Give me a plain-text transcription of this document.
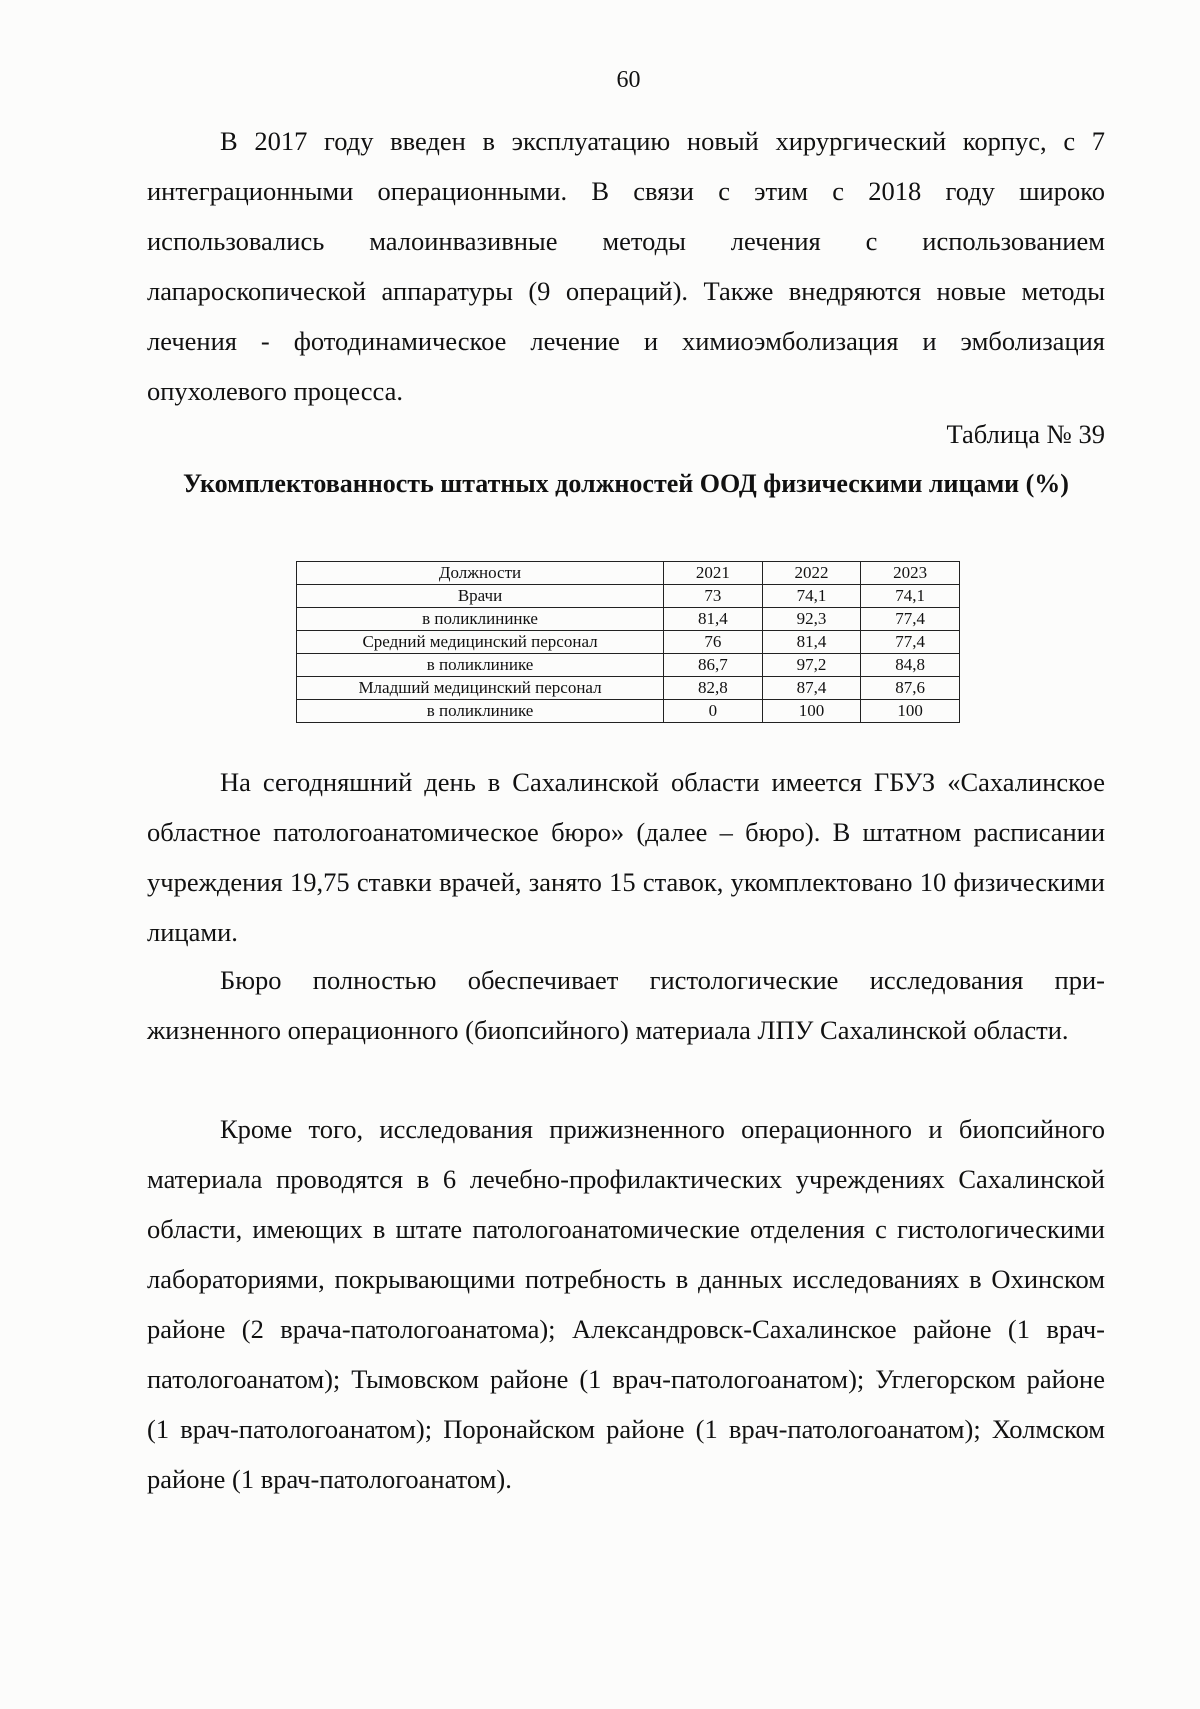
60

В 2017 году введен в эксплуатацию новый хирургический корпус, с 7 интеграционными операционными. В связи с этим с 2018 году широко использовались малоинвазивные методы лечения с использованием лапароскопической аппаратуры (9 операций). Также внедряются новые методы лечения - фотодинамическое лечение и химиоэмболизация и эмболизация опухолевого процесса.

Таблица № 39
Укомплектованность штатных должностей ООД физическими лицами (%)
Должности	2021	2022	2023
Врачи	73	74,1	74,1
в поликлининке	81,4	92,3	77,4
Средний медицинский персонал	76	81,4	77,4
в поликлинике	86,7	97,2	84,8
Младший медицинский персонал	82,8	87,4	87,6
в поликлинике	0	100	100

На сегодняшний день в Сахалинской области имеется ГБУЗ «Сахалинское областное патологоанатомическое бюро» (далее – бюро). В штатном расписании учреждения 19,75 ставки врачей, занято 15 ставок, укомплектовано 10 физическими лицами.

Бюро полностью обеспечивает гистологические исследования прижизненного операционного (биопсийного) материала ЛПУ Сахалинской области.

Кроме того, исследования прижизненного операционного и биопсийного материала проводятся в 6 лечебно-профилактических учреждениях Сахалинской области, имеющих в штате патологоанатомические отделения с гистологическими лабораториями, покрывающими потребность в данных исследованиях в Охинском районе (2 врача-патологоанатома); Александровск-Сахалинское районе (1 врач-патологоанатом); Тымовском районе (1 врач-патологоанатом); Углегорском районе (1 врач-патологоанатом); Поронайском районе (1 врач-патологоанатом); Холмском районе (1 врач-патологоанатом).
